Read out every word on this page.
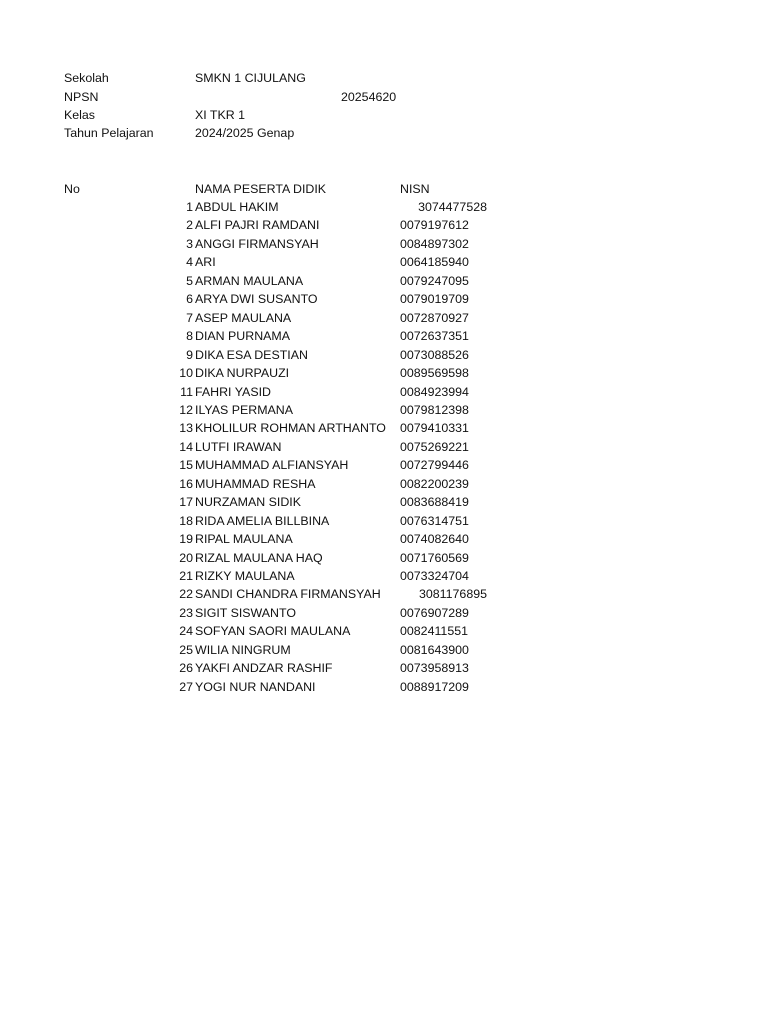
Sekolah	SMKN 1 CIJULANG
NPSN	20254620
Kelas	XI TKR 1
Tahun Pelajaran	2024/2025 Genap
No	NAMA PESERTA DIDIK	NISN
1 ABDUL HAKIM	3074477528
2 ALFI PAJRI RAMDANI	0079197612
3 ANGGI FIRMANSYAH	0084897302
4 ARI	0064185940
5 ARMAN MAULANA	0079247095
6 ARYA DWI SUSANTO	0079019709
7 ASEP MAULANA	0072870927
8 DIAN PURNAMA	0072637351
9 DIKA ESA DESTIAN	0073088526
10 DIKA NURPAUZI	0089569598
11 FAHRI YASID	0084923994
12 ILYAS PERMANA	0079812398
13 KHOLILUR ROHMAN ARTHANTO 0079410331
14 LUTFI IRAWAN	0075269221
15 MUHAMMAD ALFIANSYAH	0072799446
16 MUHAMMAD RESHA	0082200239
17 NURZAMAN SIDIK	0083688419
18 RIDA AMELIA BILLBINA	0076314751
19 RIPAL MAULANA	0074082640
20 RIZAL MAULANA HAQ	0071760569
21 RIZKY MAULANA	0073324704
22 SANDI CHANDRA FIRMANSYAH	3081176895
23 SIGIT SISWANTO	0076907289
24 SOFYAN SAORI MAULANA	0082411551
25 WILIA NINGRUM	0081643900
26 YAKFI ANDZAR RASHIF	0073958913
27 YOGI NUR NANDANI	0088917209
